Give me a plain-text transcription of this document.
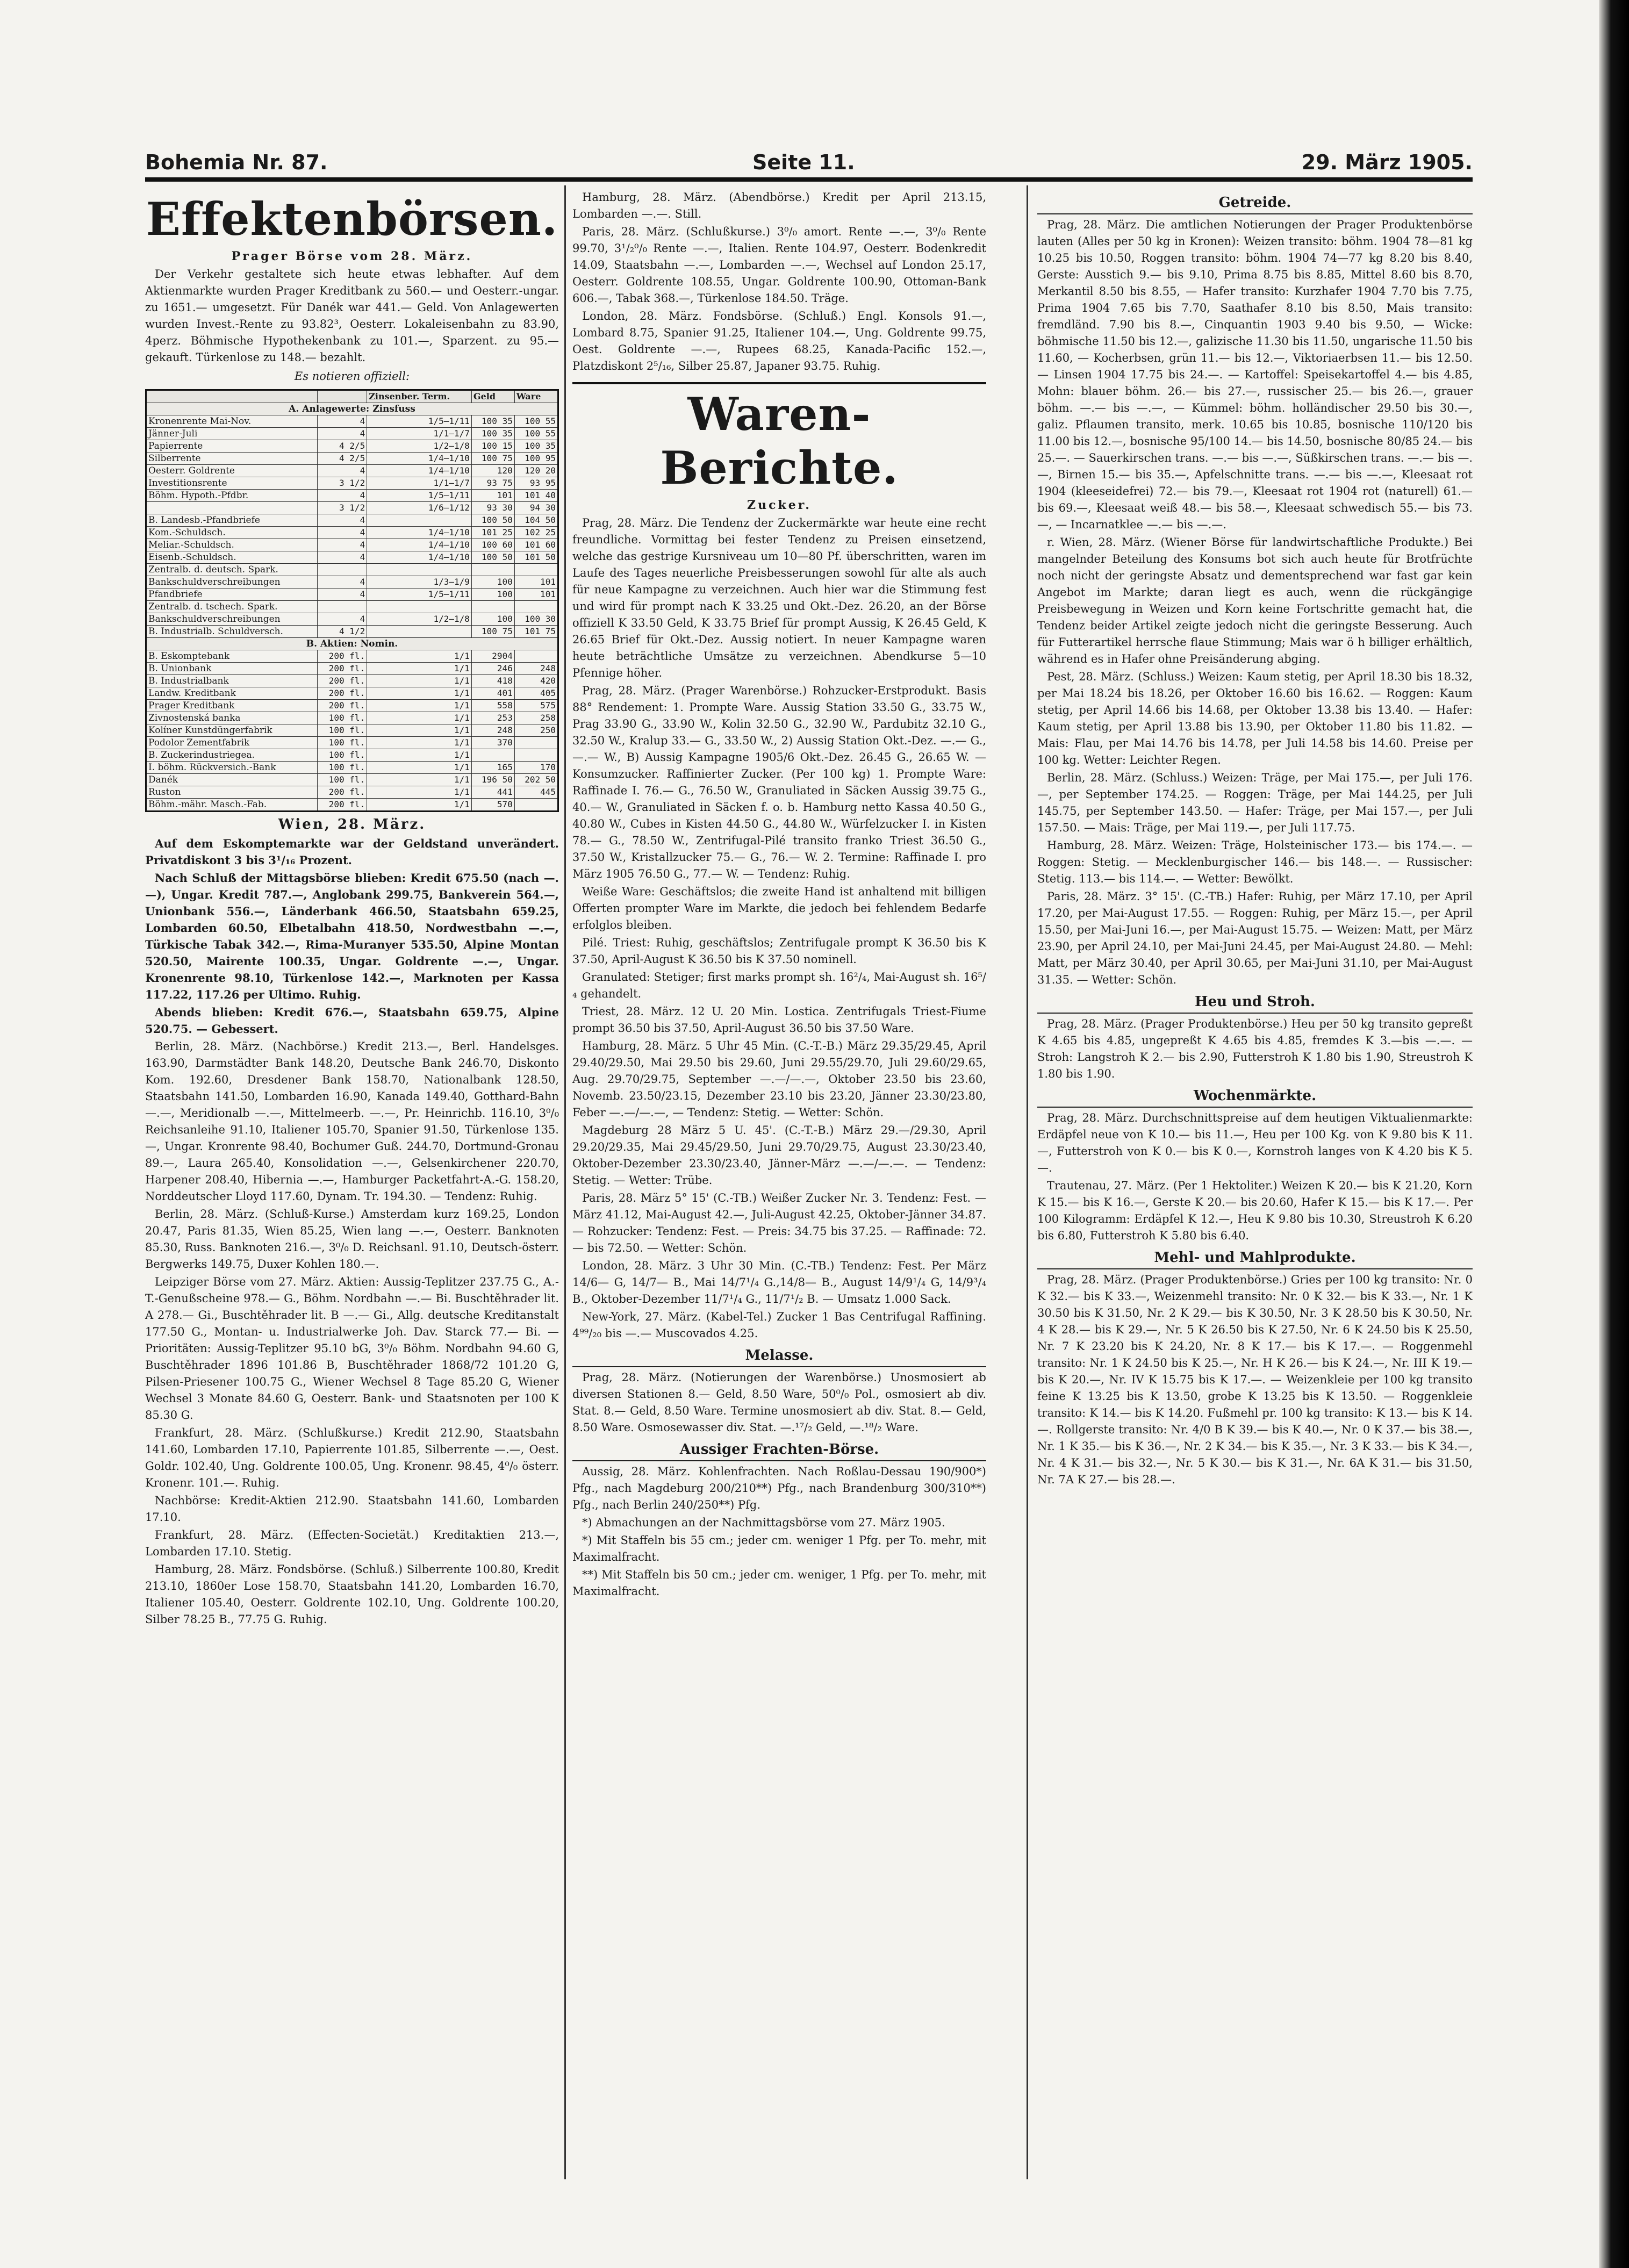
Bohemia Nr. 87.	Seite 11.	29. März 1905.
Effektenbörsen.
Prager Börse vom 28. März.

Der Verkehr gestaltete sich heute etwas lebhafter. Auf dem Aktienmarkte wurden Prager Kreditbank zu 560.— und Oesterr.-ungar. zu 1651.— umgesetzt. Für Danék war 441.— Geld. Von Anlagewerten wurden Invest.-Rente zu 93.82³, Oesterr. Lokaleisenbahn zu 83.90, 4perz. Böhmische Hypothekenbank zu 101.—, Sparzent. zu 95.— gekauft. Türkenlose zu 148.— bezahlt.

Es notieren offiziell:
		Zinsenber. Term.	Geld	Ware
A. Anlagewerte: Zinsfuss				
Kronenrente Mai-Nov.	4	1/5—1/11	100 35	100 55
Jänner-Juli	4	1/1—1/7	100 35	100 55
Papierrente	4 2/5	1/2—1/8	100 15	100 35
Silberrente	4 2/5	1/4—1/10	100 75	100 95
Oesterr. Goldrente	4	1/4—1/10	120	120 20
Investitionsrente	3 1/2	1/1—1/7	93 75	93 95
Böhm. Hypoth.-Pfdbr.	4	1/5—1/11	101	101 40
	3 1/2	1/6—1/12	93 30	94 30
B. Landesb.-Pfandbriefe	4		100 50	104 50
Kom.-Schuldsch.	4	1/4—1/10	101 25	102 25
Meliar.-Schuldsch.	4	1/4—1/10	100 60	101 60
Eisenb.-Schuldsch.	4	1/4—1/10	100 50	101 50
Zentralb. d. deutsch. Spark.				
Bankschuldverschreibungen	4	1/3—1/9	100	101
Pfandbriefe	4	1/5—1/11	100	101
Zentralb. d. tschech. Spark.				
Bankschuldverschreibungen	4	1/2—1/8	100	100 30
B. Industrialb. Schuldversch.	4 1/2		100 75	101 75
B. Aktien: Nomin.				
B. Eskomptebank	200 fl.	1/1	2904	
B. Unionbank	200 fl.	1/1	246	248
B. Industrialbank	200 fl.	1/1	418	420
Landw. Kreditbank	200 fl.	1/1	401	405
Prager Kreditbank	200 fl.	1/1	558	575
Zivnostenská banka	100 fl.	1/1	253	258
Kolíner Kunstdüngerfabrik	100 fl.	1/1	248	250
Podolor Zementfabrik	100 fl.	1/1	370	
B. Zuckerindustriegea.	100 fl.	1/1		
I. böhm. Rückversich.-Bank	100 fl.	1/1	165	170
Danék	100 fl.	1/1	196 50	202 50
Ruston	200 fl.	1/1	441	445
Böhm.-mähr. Masch.-Fab.	200 fl.	1/1	570	
Wien, 28. März.

Auf dem Eskomptemarkte war der Geldstand unverändert. Privatdiskont 3 bis 3¹/₁₆ Prozent.

Nach Schluß der Mittagsbörse blieben: Kredit 675.50 (nach —.—), Ungar. Kredit 787.—, Anglobank 299.75, Bankverein 564.—, Unionbank 556.—, Länderbank 466.50, Staatsbahn 659.25, Lombarden 60.50, Elbetalbahn 418.50, Nordwestbahn —.—, Türkische Tabak 342.—, Rima-Muranyer 535.50, Alpine Montan 520.50, Mairente 100.35, Ungar. Goldrente —.—, Ungar. Kronenrente 98.10, Türkenlose 142.—, Marknoten per Kassa 117.22, 117.26 per Ultimo. Ruhig.

Abends blieben: Kredit 676.—, Staatsbahn 659.75, Alpine 520.75. — Gebessert.

Berlin, 28. März. (Nachbörse.) Kredit 213.—, Berl. Handelsges. 163.90, Darmstädter Bank 148.20, Deutsche Bank 246.70, Diskonto Kom. 192.60, Dresdener Bank 158.70, Nationalbank 128.50, Staatsbahn 141.50, Lombarden 16.90, Kanada 149.40, Gotthard-Bahn —.—, Meridionalb —.—, Mittelmeerb. —.—, Pr. Heinrichb. 116.10, 3⁰/₀ Reichsanleihe 91.10, Italiener 105.70, Spanier 91.50, Türkenlose 135.—, Ungar. Kronrente 98.40, Bochumer Guß. 244.70, Dortmund-Gronau 89.—, Laura 265.40, Konsolidation —.—, Gelsenkirchener 220.70, Harpener 208.40, Hibernia —.—, Hamburger Packetfahrt-A.-G. 158.20, Norddeutscher Lloyd 117.60, Dynam. Tr. 194.30. — Tendenz: Ruhig.

Berlin, 28. März. (Schluß-Kurse.) Amsterdam kurz 169.25, London 20.47, Paris 81.35, Wien 85.25, Wien lang —.—, Oesterr. Banknoten 85.30, Russ. Banknoten 216.—, 3⁰/₀ D. Reichsanl. 91.10, Deutsch-österr. Bergwerks 149.75, Duxer Kohlen 180.—.

Leipziger Börse vom 27. März. Aktien: Aussig-Teplitzer 237.75 G., A.-T.-Genußscheine 978.— G., Böhm. Nordbahn —.— Bi. Buschtěhrader lit. A 278.— Gi., Buschtěhrader lit. B —.— Gi., Allg. deutsche Kreditanstalt 177.50 G., Montan- u. Industrialwerke Joh. Dav. Starck 77.— Bi. — Prioritäten: Aussig-Teplitzer 95.10 bG, 3⁰/₀ Böhm. Nordbahn 94.60 G, Buschtěhrader 1896 101.86 B, Buschtěhrader 1868/72 101.20 G, Pilsen-Priesener 100.75 G., Wiener Wechsel 8 Tage 85.20 G, Wiener Wechsel 3 Monate 84.60 G, Oesterr. Bank- und Staatsnoten per 100 K 85.30 G.

Frankfurt, 28. März. (Schlußkurse.) Kredit 212.90, Staatsbahn 141.60, Lombarden 17.10, Papierrente 101.85, Silberrente —.—, Oest. Goldr. 102.40, Ung. Goldrente 100.05, Ung. Kronenr. 98.45, 4⁰/₀ österr. Kronenr. 101.—. Ruhig.

Nachbörse: Kredit-Aktien 212.90. Staatsbahn 141.60, Lombarden 17.10.

Frankfurt, 28. März. (Effecten-Societät.) Kreditaktien 213.—, Lombarden 17.10. Stetig.

Hamburg, 28. März. Fondsbörse. (Schluß.) Silberrente 100.80, Kredit 213.10, 1860er Lose 158.70, Staatsbahn 141.20, Lombarden 16.70, Italiener 105.40, Oesterr. Goldrente 102.10, Ung. Goldrente 100.20, Silber 78.25 B., 77.75 G. Ruhig.

Hamburg, 28. März. (Abendbörse.) Kredit per April 213.15, Lombarden —.—. Still.

Paris, 28. März. (Schlußkurse.) 3⁰/₀ amort. Rente —.—, 3⁰/₀ Rente 99.70, 3¹/₂⁰/₀ Rente —.—, Italien. Rente 104.97, Oesterr. Bodenkredit 14.09, Staatsbahn —.—, Lombarden —.—, Wechsel auf London 25.17, Oesterr. Goldrente 108.55, Ungar. Goldrente 100.90, Ottoman-Bank 606.—, Tabak 368.—, Türkenlose 184.50. Träge.

London, 28. März. Fondsbörse. (Schluß.) Engl. Konsols 91.—, Lombard 8.75, Spanier 91.25, Italiener 104.—, Ung. Goldrente 99.75, Oest. Goldrente —.—, Rupees 68.25, Kanada-Pacific 152.—, Platzdiskont 2⁵/₁₆, Silber 25.87, Japaner 93.75. Ruhig.

Waren-Berichte.
Zucker.

Prag, 28. März. Die Tendenz der Zuckermärkte war heute eine recht freundliche. Vormittag bei fester Tendenz zu Preisen einsetzend, welche das gestrige Kursniveau um 10—80 Pf. überschritten, waren im Laufe des Tages neuerliche Preisbesserungen sowohl für alte als auch für neue Kampagne zu verzeichnen. Auch hier war die Stimmung fest und wird für prompt nach K 33.25 und Okt.-Dez. 26.20, an der Börse offiziell K 33.50 Geld, K 33.75 Brief für prompt Aussig, K 26.45 Geld, K 26.65 Brief für Okt.-Dez. Aussig notiert. In neuer Kampagne waren heute beträchtliche Umsätze zu verzeichnen. Abendkurse 5—10 Pfennige höher.

Prag, 28. März. (Prager Warenbörse.) Rohzucker-Erstprodukt. Basis 88° Rendement: 1. Prompte Ware. Aussig Station 33.50 G., 33.75 W., Prag 33.90 G., 33.90 W., Kolin 32.50 G., 32.90 W., Pardubitz 32.10 G., 32.50 W., Kralup 33.— G., 33.50 W., 2) Aussig Station Okt.-Dez. —.— G., —.— W., B) Aussig Kampagne 1905/6 Okt.-Dez. 26.45 G., 26.65 W. — Konsumzucker. Raffinierter Zucker. (Per 100 kg) 1. Prompte Ware: Raffinade I. 76.— G., 76.50 W., Granuliated in Säcken Aussig 39.75 G., 40.— W., Granuliated in Säcken f. o. b. Hamburg netto Kassa 40.50 G., 40.80 W., Cubes in Kisten 44.50 G., 44.80 W., Würfelzucker I. in Kisten 78.— G., 78.50 W., Zentrifugal-Pilé transito franko Triest 36.50 G., 37.50 W., Kristallzucker 75.— G., 76.— W. 2. Termine: Raffinade I. pro März 1905 76.50 G., 77.— W. — Tendenz: Ruhig.

Weiße Ware: Geschäftslos; die zweite Hand ist anhaltend mit billigen Offerten prompter Ware im Markte, die jedoch bei fehlendem Bedarfe erfolglos bleiben.

Pilé. Triest: Ruhig, geschäftslos; Zentrifugale prompt K 36.50 bis K 37.50, April-August K 36.50 bis K 37.50 nominell.

Granulated: Stetiger; first marks prompt sh. 16²/₄, Mai-August sh. 16⁵/₄ gehandelt.

Triest, 28. März. 12 U. 20 Min. Lostica. Zentrifugals Triest-Fiume prompt 36.50 bis 37.50, April-August 36.50 bis 37.50 Ware.

Hamburg, 28. März. 5 Uhr 45 Min. (C.-T.-B.) März 29.35/29.45, April 29.40/29.50, Mai 29.50 bis 29.60, Juni 29.55/29.70, Juli 29.60/29.65, Aug. 29.70/29.75, September —.—/—.—, Oktober 23.50 bis 23.60, Novemb. 23.50/23.15, Dezember 23.10 bis 23.20, Jänner 23.30/23.80, Feber —.—/—.—, — Tendenz: Stetig. — Wetter: Schön.

Magdeburg 28 März 5 U. 45'. (C.-T.-B.) März 29.—/29.30, April 29.20/29.35, Mai 29.45/29.50, Juni 29.70/29.75, August 23.30/23.40, Oktober-Dezember 23.30/23.40, Jänner-März —.—/—.—. — Tendenz: Stetig. — Wetter: Trübe.

Paris, 28. März 5° 15' (C.-TB.) Weißer Zucker Nr. 3. Tendenz: Fest. — März 41.12, Mai-August 42.—, Juli-August 42.25, Oktober-Jänner 34.87. — Rohzucker: Tendenz: Fest. — Preis: 34.75 bis 37.25. — Raffinade: 72.— bis 72.50. — Wetter: Schön.

London, 28. März. 3 Uhr 30 Min. (C.-TB.) Tendenz: Fest. Per März 14/6— G, 14/7— B., Mai 14/7¹/₄ G.,14/8— B., August 14/9¹/₄ G, 14/9³/₄ B., Oktober-Dezember 11/7¹/₄ G., 11/7¹/₂ B. — Umsatz 1.000 Sack.

New-York, 27. März. (Kabel-Tel.) Zucker 1 Bas Centrifugal Raffining. 4⁹⁹/₂₀ bis —.— Muscovados 4.25.

Melasse.

Prag, 28. März. (Notierungen der Warenbörse.) Unosmosiert ab diversen Stationen 8.— Geld, 8.50 Ware, 50⁰/₀ Pol., osmosiert ab div. Stat. 8.— Geld, 8.50 Ware. Termine unosmosiert ab div. Stat. 8.— Geld, 8.50 Ware. Osmosewasser div. Stat. —.¹⁷/₂ Geld, —.¹⁸/₂ Ware.

Aussiger Frachten-Börse.

Aussig, 28. März. Kohlenfrachten. Nach Roßlau-Dessau 190/900*) Pfg., nach Magdeburg 200/210**) Pfg., nach Brandenburg 300/310**) Pfg., nach Berlin 240/250**) Pfg.

*) Abmachungen an der Nachmittagsbörse vom 27. März 1905.

*) Mit Staffeln bis 55 cm.; jeder cm. weniger 1 Pfg. per To. mehr, mit Maximalfracht.

**) Mit Staffeln bis 50 cm.; jeder cm. weniger, 1 Pfg. per To. mehr, mit Maximalfracht.

Getreide.

Prag, 28. März. Die amtlichen Notierungen der Prager Produktenbörse lauten (Alles per 50 kg in Kronen): Weizen transito: böhm. 1904 78—81 kg 10.25 bis 10.50, Roggen transito: böhm. 1904 74—77 kg 8.20 bis 8.40, Gerste: Ausstich 9.— bis 9.10, Prima 8.75 bis 8.85, Mittel 8.60 bis 8.70, Merkantil 8.50 bis 8.55, — Hafer transito: Kurzhafer 1904 7.70 bis 7.75, Prima 1904 7.65 bis 7.70, Saathafer 8.10 bis 8.50, Mais transito: fremdländ. 7.90 bis 8.—, Cinquantin 1903 9.40 bis 9.50, — Wicke: böhmische 11.50 bis 12.—, galizische 11.30 bis 11.50, ungarische 11.50 bis 11.60, — Kocherbsen, grün 11.— bis 12.—, Viktoriaerbsen 11.— bis 12.50. — Linsen 1904 17.75 bis 24.—. — Kartoffel: Speisekartoffel 4.— bis 4.85, Mohn: blauer böhm. 26.— bis 27.—, russischer 25.— bis 26.—, grauer böhm. —.— bis —.—, — Kümmel: böhm. holländischer 29.50 bis 30.—, galiz. Pflaumen transito, merk. 10.65 bis 10.85, bosnische 110/120 bis 11.00 bis 12.—, bosnische 95/100 14.— bis 14.50, bosnische 80/85 24.— bis 25.—. — Sauerkirschen trans. —.— bis —.—, Süßkirschen trans. —.— bis —.—, Birnen 15.— bis 35.—, Apfelschnitte trans. —.— bis —.—, Kleesaat rot 1904 (kleeseidefrei) 72.— bis 79.—, Kleesaat rot 1904 rot (naturell) 61.— bis 69.—, Kleesaat weiß 48.— bis 58.—, Kleesaat schwedisch 55.— bis 73.—, — Incarnatklee —.— bis —.—.

r. Wien, 28. März. (Wiener Börse für landwirtschaftliche Produkte.) Bei mangelnder Beteilung des Konsums bot sich auch heute für Brotfrüchte noch nicht der geringste Absatz und dementsprechend war fast gar kein Angebot im Markte; daran liegt es auch, wenn die rückgängige Preisbewegung in Weizen und Korn keine Fortschritte gemacht hat, die Tendenz beider Artikel zeigte jedoch nicht die geringste Besserung. Auch für Futterartikel herrsche flaue Stimmung; Mais war ö h billiger erhältlich, während es in Hafer ohne Preisänderung abging.

Pest, 28. März. (Schluss.) Weizen: Kaum stetig, per April 18.30 bis 18.32, per Mai 18.24 bis 18.26, per Oktober 16.60 bis 16.62. — Roggen: Kaum stetig, per April 14.66 bis 14.68, per Oktober 13.38 bis 13.40. — Hafer: Kaum stetig, per April 13.88 bis 13.90, per Oktober 11.80 bis 11.82. — Mais: Flau, per Mai 14.76 bis 14.78, per Juli 14.58 bis 14.60. Preise per 100 kg. Wetter: Leichter Regen.

Berlin, 28. März. (Schluss.) Weizen: Träge, per Mai 175.—, per Juli 176.—, per September 174.25. — Roggen: Träge, per Mai 144.25, per Juli 145.75, per September 143.50. — Hafer: Träge, per Mai 157.—, per Juli 157.50. — Mais: Träge, per Mai 119.—, per Juli 117.75.

Hamburg, 28. März. Weizen: Träge, Holsteinischer 173.— bis 174.—. — Roggen: Stetig. — Mecklenburgischer 146.— bis 148.—. — Russischer: Stetig. 113.— bis 114.—. — Wetter: Bewölkt.

Paris, 28. März. 3° 15'. (C.-TB.) Hafer: Ruhig, per März 17.10, per April 17.20, per Mai-August 17.55. — Roggen: Ruhig, per März 15.—, per April 15.50, per Mai-Juni 16.—, per Mai-August 15.75. — Weizen: Matt, per März 23.90, per April 24.10, per Mai-Juni 24.45, per Mai-August 24.80. — Mehl: Matt, per März 30.40, per April 30.65, per Mai-Juni 31.10, per Mai-August 31.35. — Wetter: Schön.

Heu und Stroh.

Prag, 28. März. (Prager Produktenbörse.) Heu per 50 kg transito gepreßt K 4.65 bis 4.85, ungepreßt K 4.65 bis 4.85, fremdes K 3.—bis —.—. — Stroh: Langstroh K 2.— bis 2.90, Futterstroh K 1.80 bis 1.90, Streustroh K 1.80 bis 1.90.

Wochenmärkte.

Prag, 28. März. Durchschnittspreise auf dem heutigen Viktualienmarkte: Erdäpfel neue von K 10.— bis 11.—, Heu per 100 Kg. von K 9.80 bis K 11.—, Futterstroh von K 0.— bis K 0.—, Kornstroh langes von K 4.20 bis K 5.—.

Trautenau, 27. März. (Per 1 Hektoliter.) Weizen K 20.— bis K 21.20, Korn K 15.— bis K 16.—, Gerste K 20.— bis 20.60, Hafer K 15.— bis K 17.—. Per 100 Kilogramm: Erdäpfel K 12.—, Heu K 9.80 bis 10.30, Streustroh K 6.20 bis 6.80, Futterstroh K 5.80 bis 6.40.

Mehl- und Mahlprodukte.

Prag, 28. März. (Prager Produktenbörse.) Gries per 100 kg transito: Nr. 0 K 32.— bis K 33.—, Weizenmehl transito: Nr. 0 K 32.— bis K 33.—, Nr. 1 K 30.50 bis K 31.50, Nr. 2 K 29.— bis K 30.50, Nr. 3 K 28.50 bis K 30.50, Nr. 4 K 28.— bis K 29.—, Nr. 5 K 26.50 bis K 27.50, Nr. 6 K 24.50 bis K 25.50, Nr. 7 K 23.20 bis K 24.20, Nr. 8 K 17.— bis K 17.—. — Roggenmehl transito: Nr. 1 K 24.50 bis K 25.—, Nr. H K 26.— bis K 24.—, Nr. III K 19.— bis K 20.—, Nr. IV K 15.75 bis K 17.—. — Weizenkleie per 100 kg transito feine K 13.25 bis K 13.50, grobe K 13.25 bis K 13.50. — Roggenkleie transito: K 14.— bis K 14.20. Fußmehl pr. 100 kg transito: K 13.— bis K 14.—. Rollgerste transito: Nr. 4/0 B K 39.— bis K 40.—, Nr. 0 K 37.— bis 38.—, Nr. 1 K 35.— bis K 36.—, Nr. 2 K 34.— bis K 35.—, Nr. 3 K 33.— bis K 34.—, Nr. 4 K 31.— bis 32.—, Nr. 5 K 30.— bis K 31.—, Nr. 6A K 31.— bis 31.50, Nr. 7A K 27.— bis 28.—.
